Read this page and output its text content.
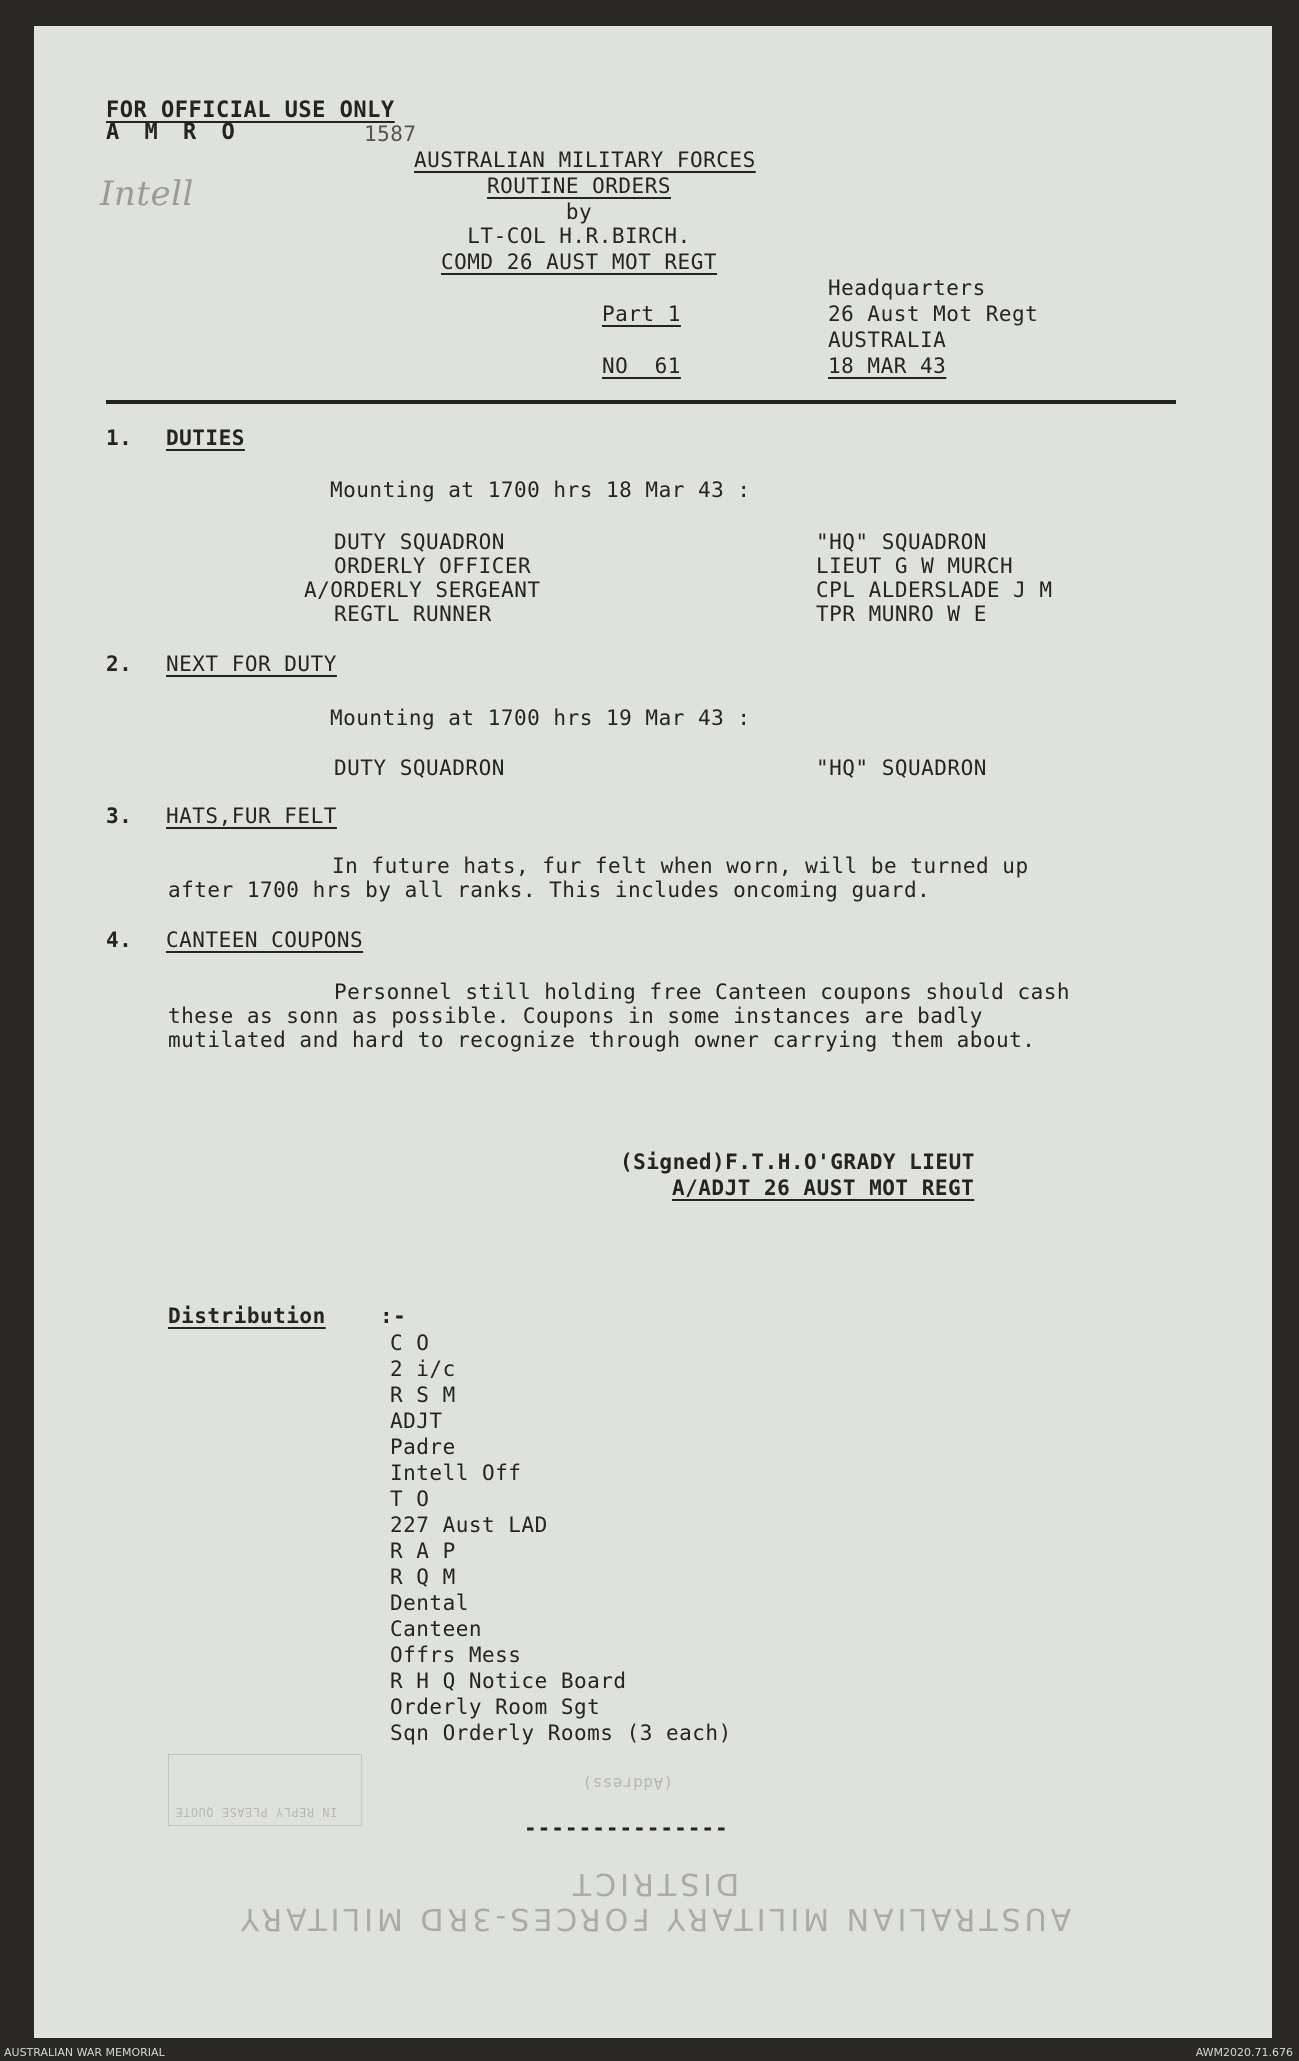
FOR OFFICIAL USE ONLY
A M R O	1587
Intell
AUSTRALIAN MILITARY FORCES
ROUTINE ORDERS
by
LT-COL H.R.BIRCH.
COMD 26 AUST MOT REGT
Part 1
NO  61
Headquarters
26 Aust Mot Regt
AUSTRALIA
18 MAR 43
1. DUTIES
Mounting at 1700 hrs 18 Mar 43 :
DUTY SQUADRON	"HQ" SQUADRON
ORDERLY OFFICER	LIEUT G W MURCH
A/ORDERLY SERGEANT	CPL ALDERSLADE J M
REGTL RUNNER	TPR MUNRO W E
2. NEXT FOR DUTY
Mounting at 1700 hrs 19 Mar 43 :
DUTY SQUADRON	"HQ" SQUADRON
3. HATS,FUR FELT
In future hats, fur felt when worn, will be turned up
after 1700 hrs by all ranks. This includes oncoming guard.
4. CANTEEN COUPONS
Personnel still holding free Canteen coupons should cash
these as sonn as possible. Coupons in some instances are badly
mutilated and hard to recognize through owner carrying them about.
(Signed)F.T.H.O'GRADY LIEUT
A/ADJT 26 AUST MOT REGT
Distribution	:-
C O
2 i/c
R S M
ADJT
Padre
Intell Off
T O
227 Aust LAD
R A P
R Q M
Dental
Canteen
Offrs Mess
R H Q Notice Board
Orderly Room Sgt
Sqn Orderly Rooms (3 each)
---------------
IN REPLY PLEASE QUOTE
(Address)
AUSTRALIAN MILITARY FORCES-3RD MILITARY DISTRICT
AUSTRALIAN WAR MEMORIAL	AWM2020.71.676
